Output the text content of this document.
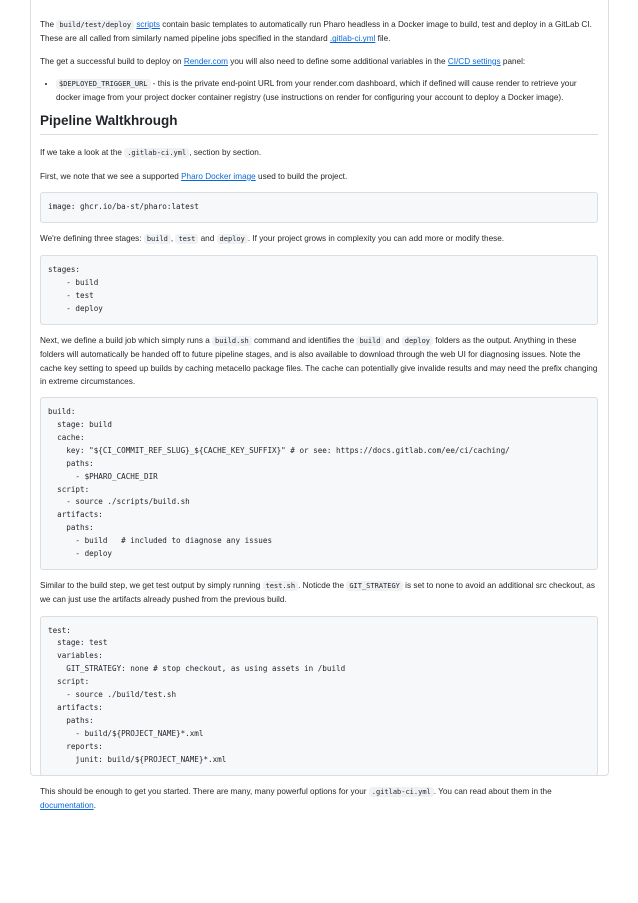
The build/test/deploy scripts contain basic templates to automatically run Pharo headless in a Docker image to build, test and deploy in a GitLab CI. These are all called from similarly named pipeline jobs specified in the standard .gitlab-ci.yml file.

The get a successful build to deploy on Render.com you will also need to define some additional variables in the CI/CD settings panel:

• $DEPLOYED_TRIGGER_URL - this is the private end-point URL from your render.com dashboard, which if defined will cause render to retrieve your docker image from your project docker container registry (use instructions on render for configuring your account to deploy a Docker image).
Pipeline Waltkhrough

If we take a look at the .gitlab-ci.yml , section by section.

First, we note that we see a supported Pharo Docker image used to build the project.

image: ghcr.io/ba-st/pharo:latest

We're defining three stages: build , test and deploy . If your project grows in complexity you can add more or modify these.

stages:
- build
- test
- deploy

Next, we define a build job which simply runs a build.sh command and identifies the build and deploy folders as the output. Anything in these folders will automatically be handed off to future pipeline stages, and is also available to download through the web UI for diagnosing issues. Note the cache key setting to speed up builds by caching metacello package files. The cache can potentially give invalide results and may need the prefix changing in extreme circumstances.

build:
stage: build
cache:
key: "${CI_COMMIT_REF_SLUG}_${CACHE_KEY_SUFFIX}" # or see: https://docs.gitlab.com/ee/ci/caching/
paths:
- $PHARO_CACHE_DIR
script:
- source ./scripts/build.sh
artifacts:
paths:
- build   # included to diagnose any issues
- deploy

Similar to the build step, we get test output by simply running test.sh . Noticde the GIT_STRATEGY is set to none to avoid an additional src checkout, as we can just use the artifacts already pushed from the previous build.

test:
stage: test
variables:
GIT_STRATEGY: none # stop checkout, as using assets in /build
script:
- source ./build/test.sh
artifacts:
paths:
- build/${PROJECT_NAME}*.xml
reports:
junit: build/${PROJECT_NAME}*.xml

This should be enough to get you started. There are many, many powerful options for your .gitlab-ci.yml . You can read about them in the documentation.
